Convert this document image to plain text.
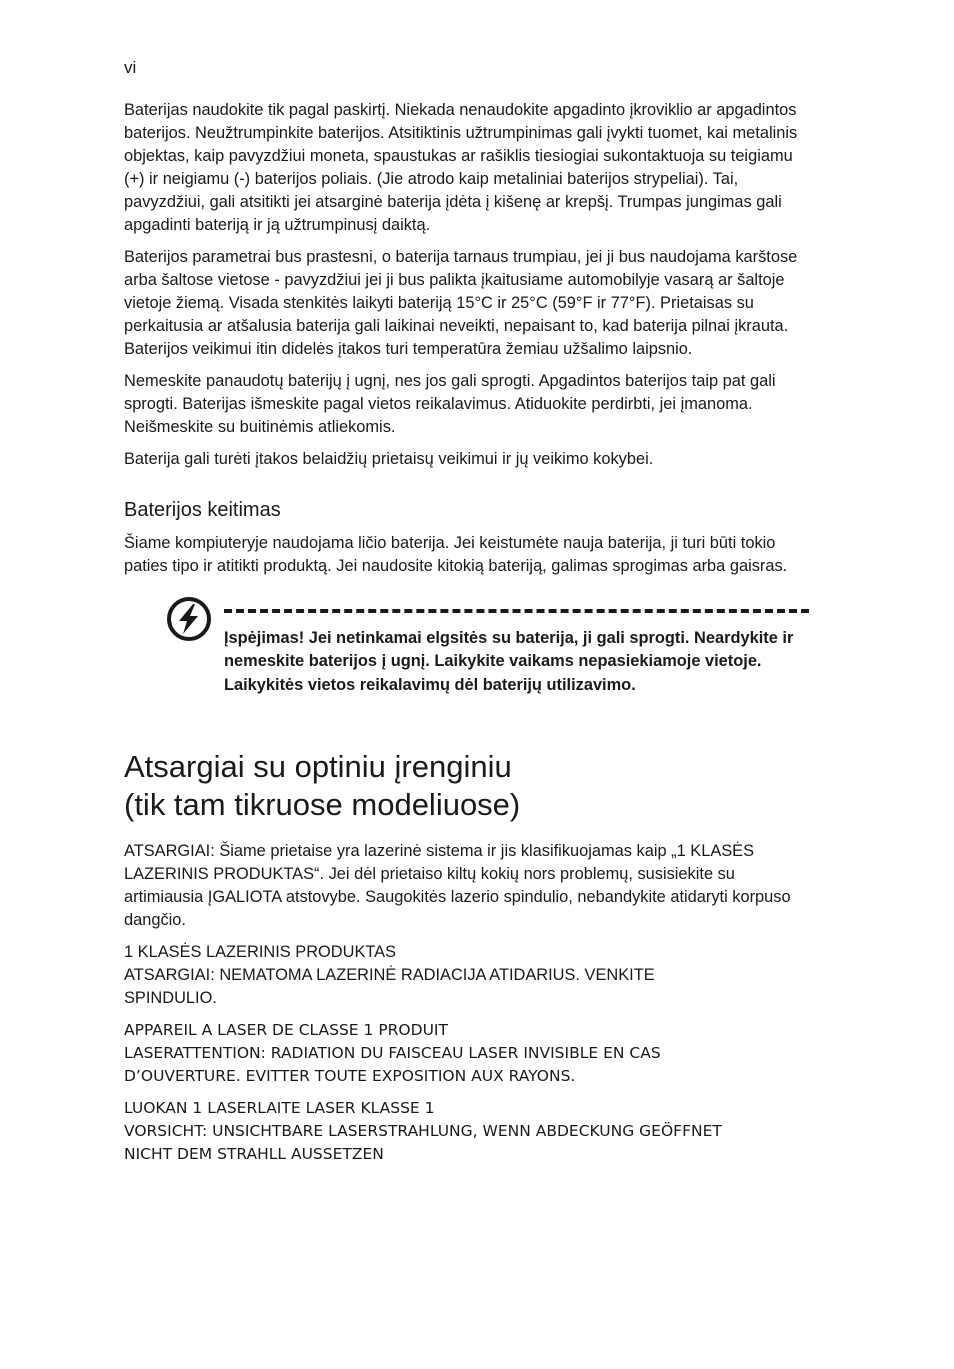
vi

Baterijas naudokite tik pagal paskirtį. Niekada nenaudokite apgadinto įkroviklio ar apgadintos baterijos. Neužtrumpinkite baterijos. Atsitiktinis užtrumpinimas gali įvykti tuomet, kai metalinis objektas, kaip pavyzdžiui moneta, spaustukas ar rašiklis tiesiogiai sukontaktuoja su teigiamu (+) ir neigiamu (-) baterijos poliais. (Jie atrodo kaip metaliniai baterijos strypeliai). Tai, pavyzdžiui, gali atsitikti jei atsarginė baterija įdėta į kišenę ar krepšį. Trumpas jungimas gali apgadinti bateriją ir ją užtrumpinusį daiktą.

Baterijos parametrai bus prastesni, o baterija tarnaus trumpiau, jei ji bus naudojama karštose arba šaltose vietose - pavyzdžiui jei ji bus palikta įkaitusiame automobilyje vasarą ar šaltoje vietoje žiemą. Visada stenkitės laikyti bateriją 15°C ir 25°C (59°F ir 77°F). Prietaisas su perkaitusia ar atšalusia baterija gali laikinai neveikti, nepaisant to, kad baterija pilnai įkrauta. Baterijos veikimui itin didelės įtakos turi temperatūra žemiau užšalimo laipsnio.

Nemeskite panaudotų baterijų į ugnį, nes jos gali sprogti. Apgadintos baterijos taip pat gali sprogti. Baterijas išmeskite pagal vietos reikalavimus. Atiduokite perdirbti, jei įmanoma. Neišmeskite su buitinėmis atliekomis.

Baterija gali turėti įtakos belaidžių prietaisų veikimui ir jų veikimo kokybei.

Baterijos keitimas

Šiame kompiuteryje naudojama ličio baterija. Jei keistumėte nauja baterija, ji turi būti tokio paties tipo ir atitikti produktą. Jei naudosite kitokią bateriją, galimas sprogimas arba gaisras.

Įspėjimas! Jei netinkamai elgsitės su baterija, ji gali sprogti. Neardykite ir nemeskite baterijos į ugnį. Laikykite vaikams nepasiekiamoje vietoje. Laikykitės vietos reikalavimų dėl baterijų utilizavimo.

Atsargiai su optiniu įrenginiu
(tik tam tikruose modeliuose)

ATSARGIAI: Šiame prietaise yra lazerinė sistema ir jis klasifikuojamas kaip „1 KLASĖS LAZERINIS PRODUKTAS“. Jei dėl prietaiso kiltų kokių nors problemų, susisiekite su artimiausia ĮGALIOTA atstovybe. Saugokitės lazerio spindulio, nebandykite atidaryti korpuso dangčio.

1 KLASĖS LAZERINIS PRODUKTAS
ATSARGIAI: NEMATOMA LAZERINĖ RADIACIJA ATIDARIUS. VENKITE
SPINDULIO.

APPAREIL A LASER DE CLASSE 1 PRODUIT
LASERATTENTION: RADIATION DU FAISCEAU LASER INVISIBLE EN CAS
D’OUVERTURE. EVITTER TOUTE EXPOSITION AUX RAYONS.

LUOKAN 1 LASERLAITE LASER KLASSE 1
VORSICHT: UNSICHTBARE LASERSTRAHLUNG, WENN ABDECKUNG GEÖFFNET
NICHT DEM STRAHLL AUSSETZEN
